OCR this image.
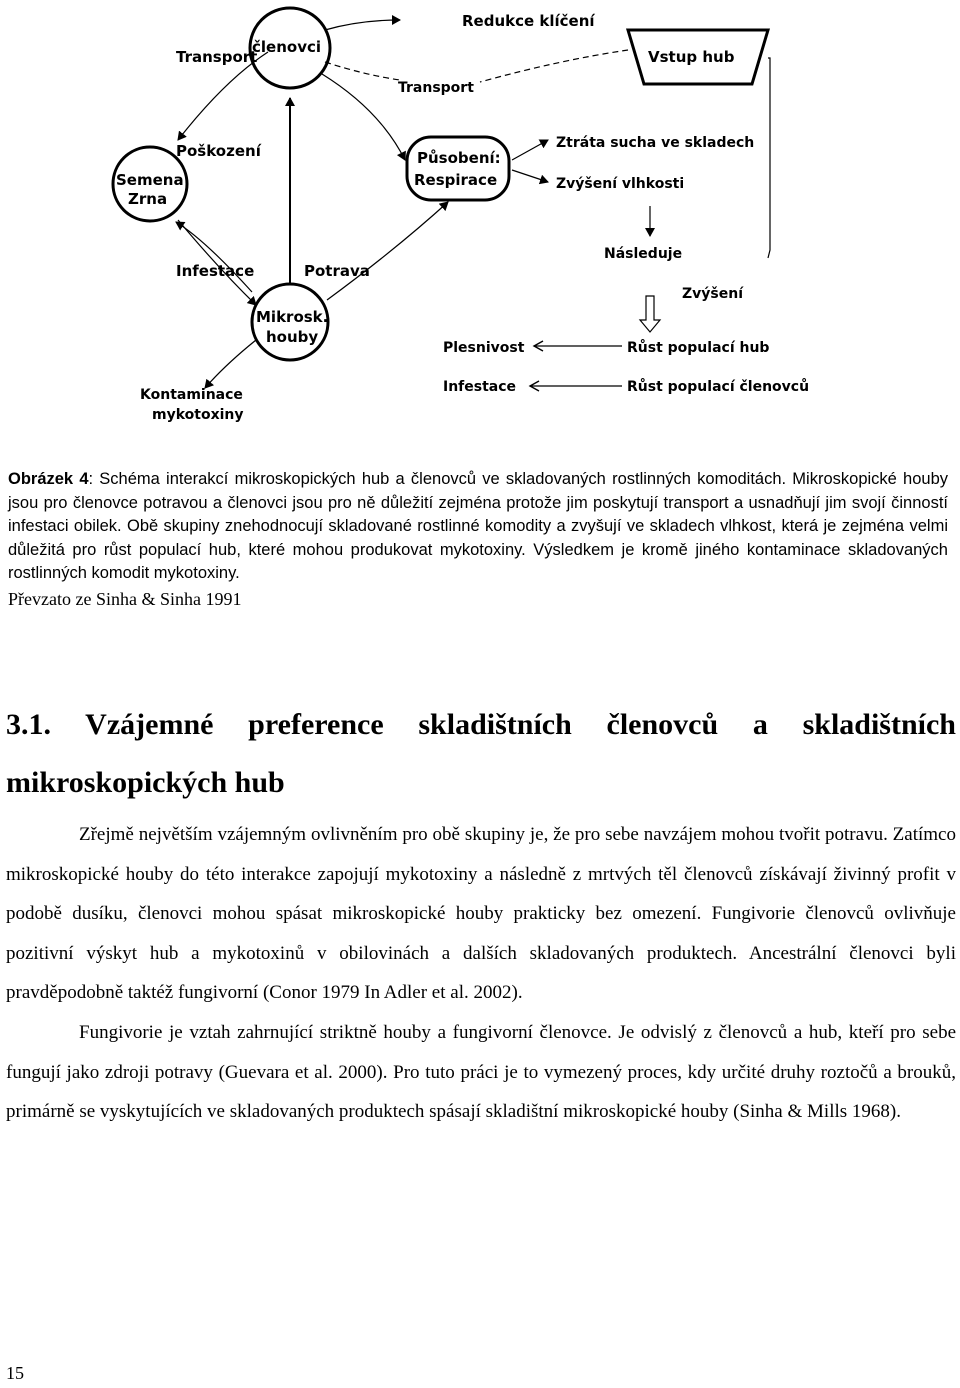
členovci
Semena
Zrna
Mikrosk.
houby
Působení:
Respirace
Vstup hub
Transport
Redukce klíčení
Transport
Poškození
Infestace	Potrava
Ztráta sucha ve skladech
Zvýšení vlhkosti
Následuje
Zvýšení
Plesnivost	Růst populací hub
Infestace	Růst populací členovců
Kontaminace
mykotoxiny

Obrázek 4: Schéma interakcí mikroskopických hub a členovců ve skladovaných rostlinných komoditách. Mikroskopické houby jsou pro členovce potravou a členovci jsou pro ně důležití zejména protože jim poskytují transport a usnadňují jim svojí činností infestaci obilek. Obě skupiny znehodnocují skladované rostlinné komodity a zvyšují ve skladech vlhkost, která je zejména velmi důležitá pro růst populací hub, které mohou produkovat mykotoxiny. Výsledkem je kromě jiného kontaminace skladovaných rostlinných komodit mykotoxiny.
Převzato ze Sinha & Sinha 1991

3.1. Vzájemné preference skladištních členovců a skladištních mikroskopických hub

Zřejmě největším vzájemným ovlivněním pro obě skupiny je, že pro sebe navzájem mohou tvořit potravu. Zatímco mikroskopické houby do této interakce zapojují mykotoxiny a následně z mrtvých těl členovců získávají živinný profit v podobě dusíku, členovci mohou spásat mikroskopické houby prakticky bez omezení. Fungivorie členovců ovlivňuje pozitivní výskyt hub a mykotoxinů v obilovinách a dalších skladovaných produktech. Ancestrální členovci byli pravděpodobně taktéž fungivorní (Conor 1979 In Adler et al. 2002).

Fungivorie je vztah zahrnující striktně houby a fungivorní členovce. Je odvislý z členovců a hub, kteří pro sebe fungují jako zdroji potravy (Guevara et al. 2000). Pro tuto práci je to vymezený proces, kdy určité druhy roztočů a brouků, primárně se vyskytujících ve skladovaných produktech spásají skladištní mikroskopické houby (Sinha & Mills 1968).

15
